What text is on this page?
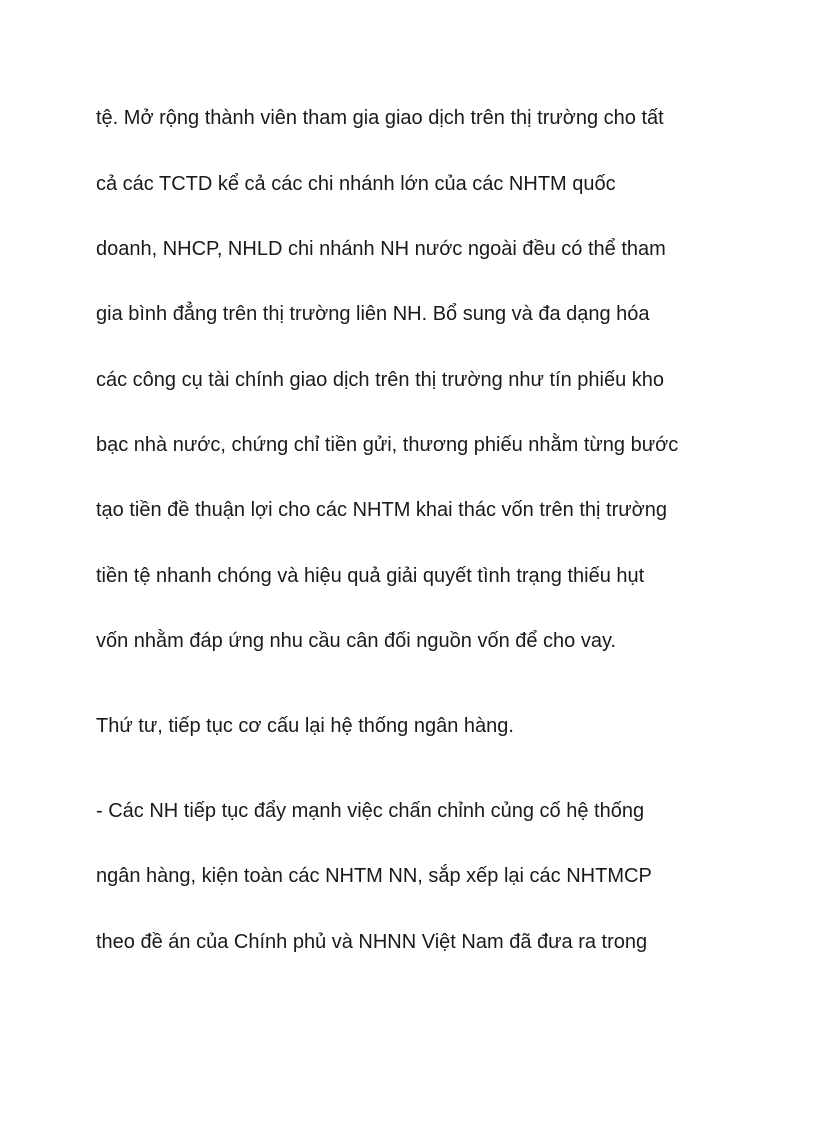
tệ. Mở rộng thành viên tham gia giao dịch trên thị trường cho tất
cả các TCTD kể cả các chi nhánh lớn của các NHTM quốc
doanh, NHCP, NHLD chi nhánh NH nước ngoài đều có thể tham
gia bình đẳng trên thị trường liên NH. Bổ sung và đa dạng hóa
các công cụ tài chính giao dịch trên thị trường như tín phiếu kho
bạc nhà nước, chứng chỉ tiền gửi, thương phiếu nhằm từng bước
tạo tiền đề thuận lợi cho các NHTM khai thác vốn trên thị trường
tiền tệ nhanh chóng và hiệu quả giải quyết tình trạng thiếu hụt
vốn nhằm đáp ứng nhu cầu cân đối nguồn vốn để cho vay.
Thứ tư, tiếp tục cơ cấu lại hệ thống ngân hàng.
- Các NH tiếp tục đẩy mạnh việc chấn chỉnh củng cố hệ thống
ngân hàng, kiện toàn các NHTM NN, sắp xếp lại các NHTMCP
theo đề án của Chính phủ và NHNN Việt Nam đã đưa ra trong
